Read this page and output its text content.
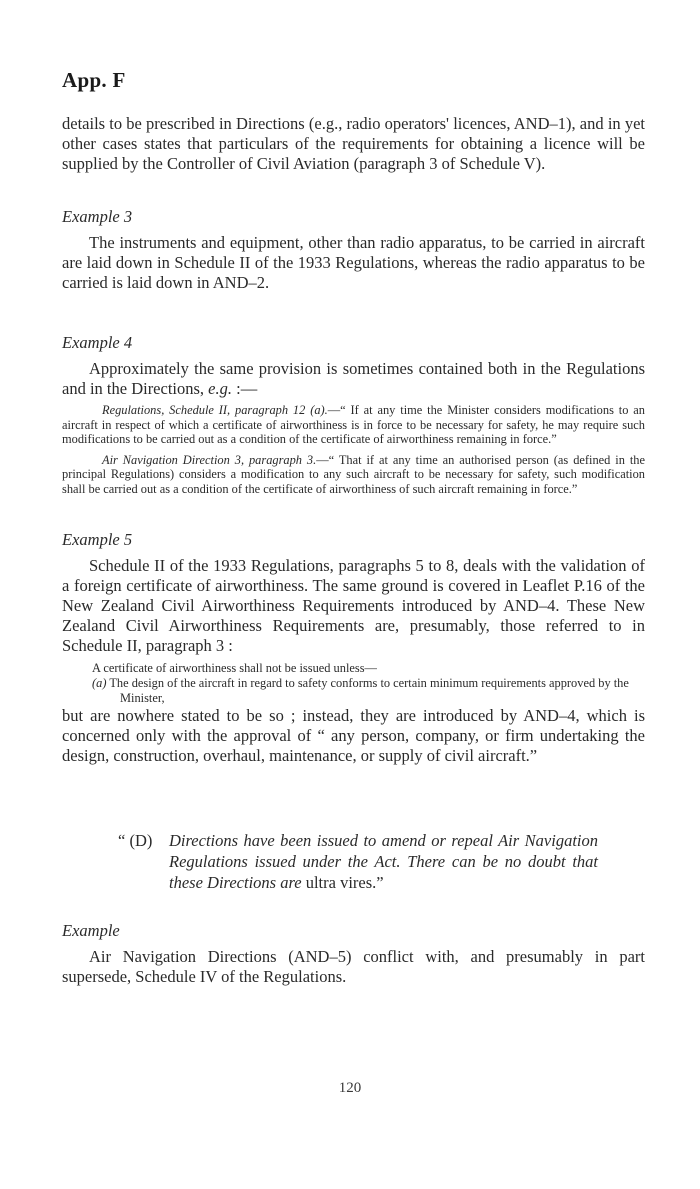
App. F

details to be prescribed in Directions (e.g., radio operators' licences, AND–1), and in yet other cases states that particulars of the requirements for obtaining a licence will be supplied by the Controller of Civil Aviation (paragraph 3 of Schedule V).

Example 3

The instruments and equipment, other than radio apparatus, to be carried in aircraft are laid down in Schedule II of the 1933 Regulations, whereas the radio apparatus to be carried is laid down in AND–2.

Example 4

Approximately the same provision is sometimes contained both in the Regulations and in the Directions, e.g. :—

Regulations, Schedule II, paragraph 12 (a).—“ If at any time the Minister considers modifications to an aircraft in respect of which a certificate of airworthiness is in force to be necessary for safety, he may require such modifications to be carried out as a condition of the certificate of airworthiness remaining in force.”

Air Navigation Direction 3, paragraph 3.—“ That if at any time an authorised person (as defined in the principal Regulations) considers a modification to any such aircraft to be necessary for safety, such modification shall be carried out as a condition of the certificate of airworthiness of such aircraft remaining in force.”

Example 5

Schedule II of the 1933 Regulations, paragraphs 5 to 8, deals with the validation of a foreign certificate of airworthiness. The same ground is covered in Leaflet P.16 of the New Zealand Civil Airworthiness Requirements introduced by AND–4. These New Zealand Civil Airworthiness Requirements are, presumably, those referred to in Schedule II, paragraph 3 :

A certificate of airworthiness shall not be issued unless—

(a) The design of the aircraft in regard to safety conforms to certain minimum requirements approved by the Minister,

but are nowhere stated to be so ; instead, they are introduced by AND–4, which is concerned only with the approval of “ any person, company, or firm undertaking the design, construction, overhaul, maintenance, or supply of civil aircraft.”

“ (D)	Directions have been issued to amend or repeal Air Navigation Regulations issued under the Act. There can be no doubt that these Directions are ultra vires.”

Example

Air Navigation Directions (AND–5) conflict with, and presumably in part supersede, Schedule IV of the Regulations.

120
